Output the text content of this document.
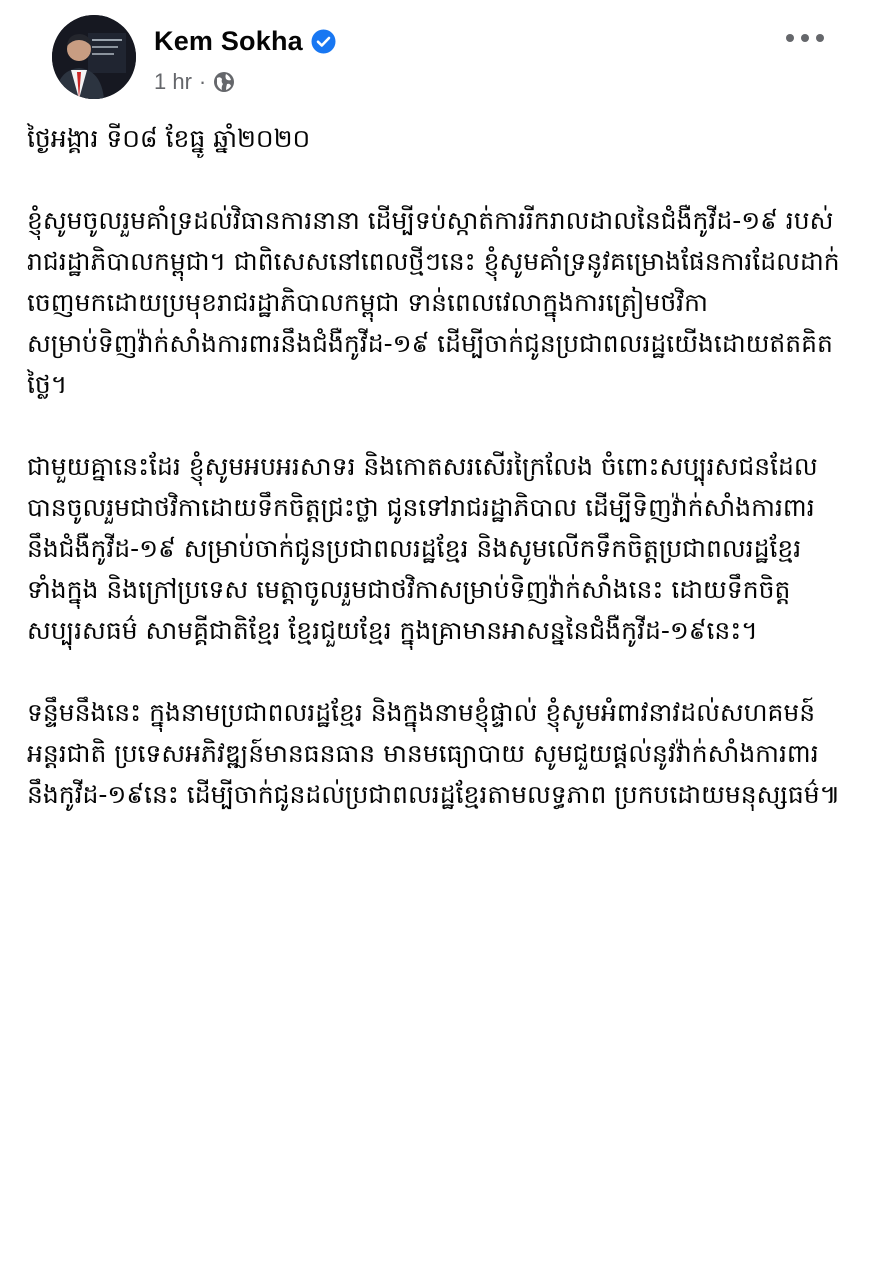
Kem Sokha
1 hr ·

ថ្ងៃអង្គារ ទី០៨ ខែធ្នូ ឆ្នាំ២០២០

ខ្ញុំសូមចូលរួមគាំទ្រដល់វិធានការនានា ដើម្បីទប់ស្កាត់ការរីករាលដាលនៃជំងឺកូវីដ-១៩ របស់រាជរដ្ឋាភិបាលកម្ពុជា។ ជាពិសេសនៅពេលថ្មីៗនេះ ខ្ញុំសូមគាំទ្រនូវគម្រោងផែនការដែលដាក់ចេញមកដោយប្រមុខរាជរដ្ឋាភិបាលកម្ពុជា ទាន់ពេលវេលាក្នុងការត្រៀមថវិកាសម្រាប់ទិញវ៉ាក់សាំងការពារនឹងជំងឺកូវីដ-១៩ ដើម្បីចាក់ជូនប្រជាពលរដ្ឋយើងដោយឥតគិតថ្លៃ។

ជាមួយគ្នានេះដែរ ខ្ញុំសូមអបអរសាទរ និងកោតសរសើរក្រៃលែង ចំពោះសប្បុរសជនដែលបានចូលរួមជាថវិកាដោយទឹកចិត្តជ្រះថ្លា ជូនទៅរាជរដ្ឋាភិបាល ដើម្បីទិញវ៉ាក់សាំងការពារនឹងជំងឺកូវីដ-១៩ សម្រាប់ចាក់ជូនប្រជាពលរដ្ឋខ្មែរ និងសូមលើកទឹកចិត្តប្រជាពលរដ្ឋខ្មែរ ទាំងក្នុង និងក្រៅប្រទេស មេត្តាចូលរួមជាថវិកាសម្រាប់ទិញវ៉ាក់សាំងនេះ ដោយទឹកចិត្តសប្បុរសធម៌ សាមគ្គីជាតិខ្មែរ ខ្មែរជួយខ្មែរ ក្នុងគ្រាមានអាសន្ននៃជំងឺកូវីដ-១៩នេះ។

ទន្ទឹមនឹងនេះ ក្នុងនាមប្រជាពលរដ្ឋខ្មែរ និងក្នុងនាមខ្ញុំផ្ទាល់ ខ្ញុំសូមអំពាវនាវដល់សហគមន៍អន្តរជាតិ ប្រទេសអភិវឌ្ឍន៍មានធនធាន មានមធ្យោបាយ សូមជួយផ្តល់នូវវ៉ាក់សាំងការពារនឹងកូវីដ-១៩នេះ ដើម្បីចាក់ជូនដល់ប្រជាពលរដ្ឋខ្មែរតាមលទ្ធភាព ប្រកបដោយមនុស្សធម៌៕
